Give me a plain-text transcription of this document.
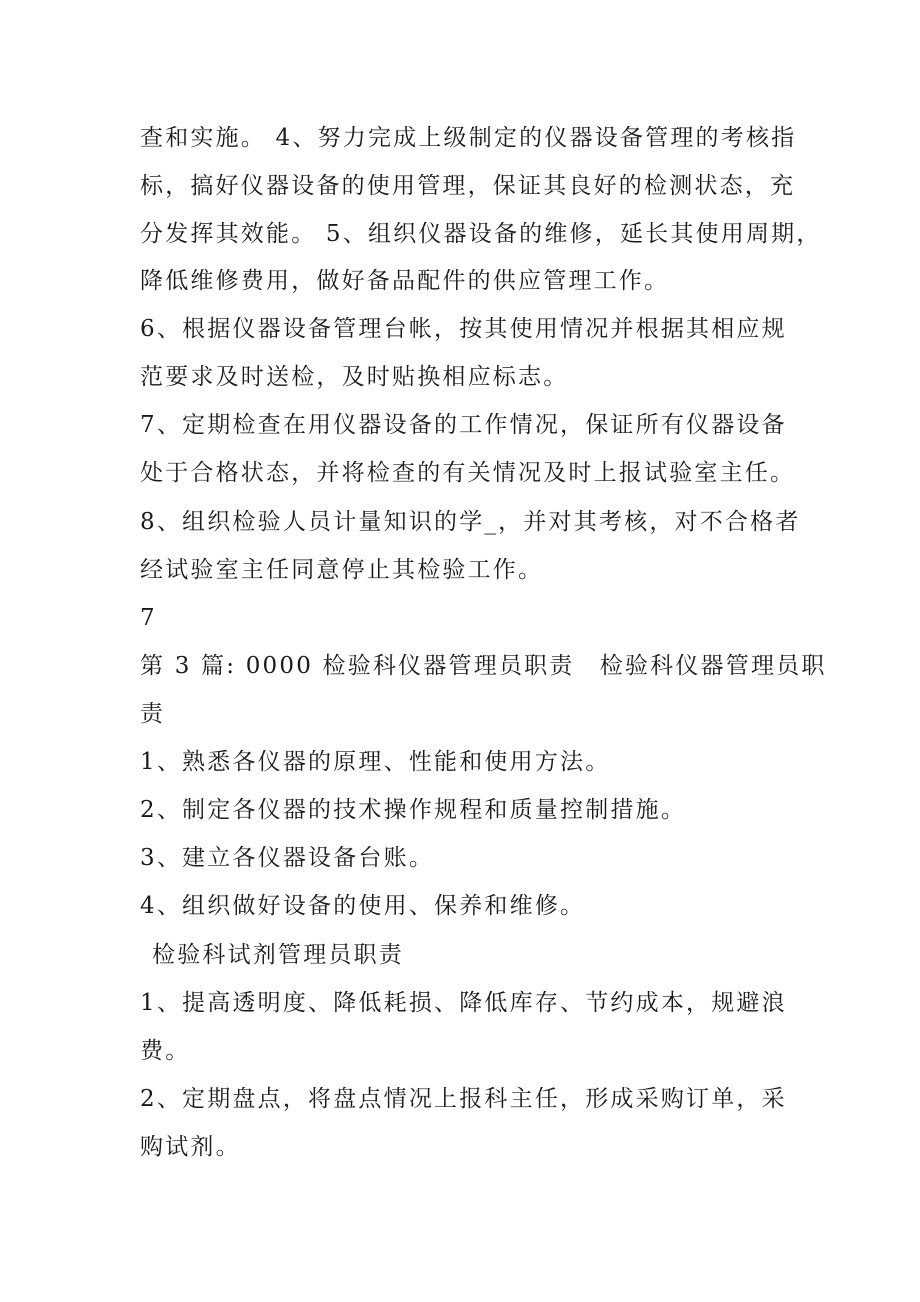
查和实施。 4、努力完成上级制定的仪器设备管理的考核指
标，搞好仪器设备的使用管理，保证其良好的检测状态，充
分发挥其效能。 5、组织仪器设备的维修，延长其使用周期，
降低维修费用，做好备品配件的供应管理工作。
6、根据仪器设备管理台帐，按其使用情况并根据其相应规
范要求及时送检，及时贴换相应标志。
7、定期检查在用仪器设备的工作情况，保证所有仪器设备
处于合格状态，并将检查的有关情况及时上报试验室主任。
8、组织检验人员计量知识的学_，并对其考核，对不合格者
经试验室主任同意停止其检验工作。
7
第 3 篇: 0000 检验科仪器管理员职责　检验科仪器管理员职
责
1、熟悉各仪器的原理、性能和使用方法。
2、制定各仪器的技术操作规程和质量控制措施。
3、建立各仪器设备台账。
4、组织做好设备的使用、保养和维修。
检验科试剂管理员职责
1、提高透明度、降低耗损、降低库存、节约成本，规避浪
费。
2、定期盘点，将盘点情况上报科主任，形成采购订单，采
购试剂。
